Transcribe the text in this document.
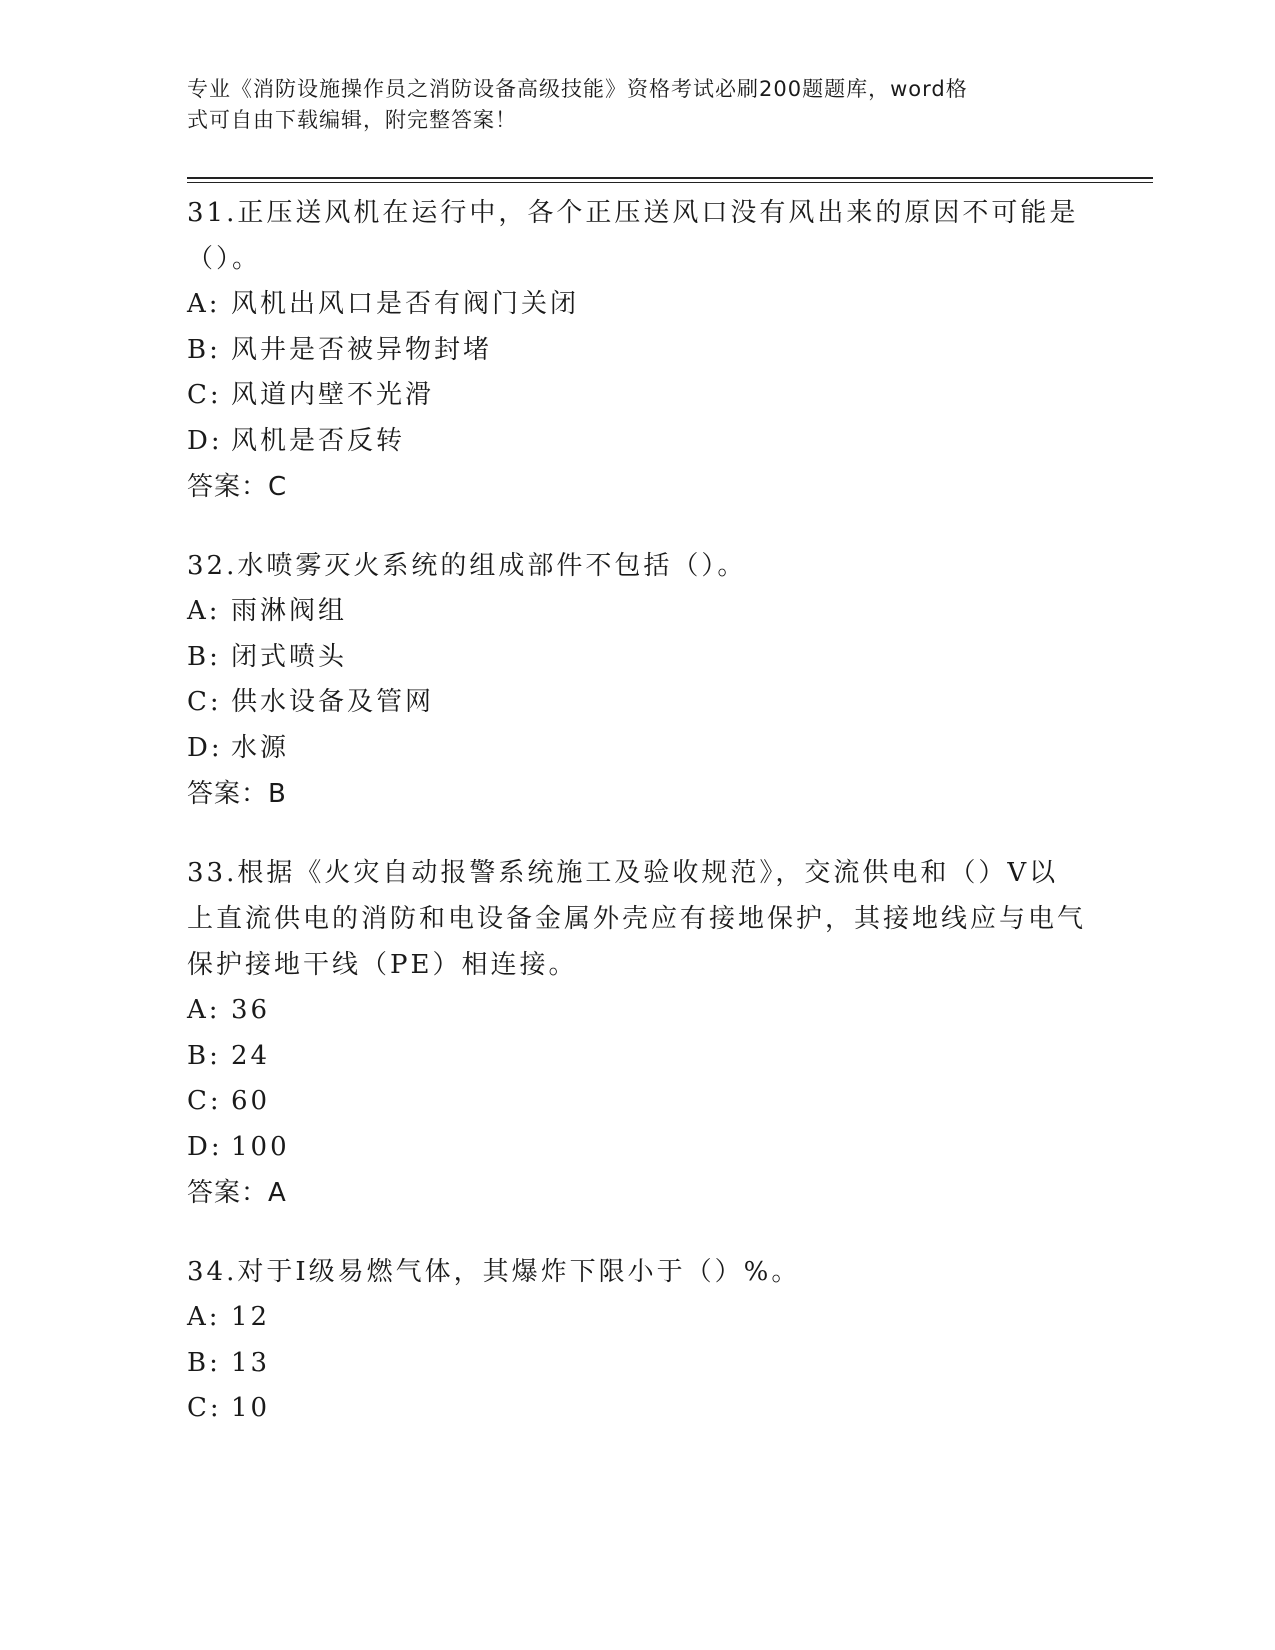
专业《消防设施操作员之消防设备高级技能》资格考试必刷200题题库，word格
式可自由下载编辑，附完整答案！

31.正压送风机在运行中，各个正压送风口没有风出来的原因不可能是（）。

A: 风机出风口是否有阀门关闭

B: 风井是否被异物封堵

C: 风道内壁不光滑

D: 风机是否反转

答案：C

32.水喷雾灭火系统的组成部件不包括（）。

A: 雨淋阀组

B: 闭式喷头

C: 供水设备及管网

D: 水源

答案：B

33.根据《火灾自动报警系统施工及验收规范》，交流供电和（）V以上直流供电的消防和电设备金属外壳应有接地保护，其接地线应与电气保护接地干线（PE）相连接。

A: 36

B: 24

C: 60

D: 100

答案：A

34.对于Ⅰ级易燃气体，其爆炸下限小于（）%。

A: 12

B: 13

C: 10
